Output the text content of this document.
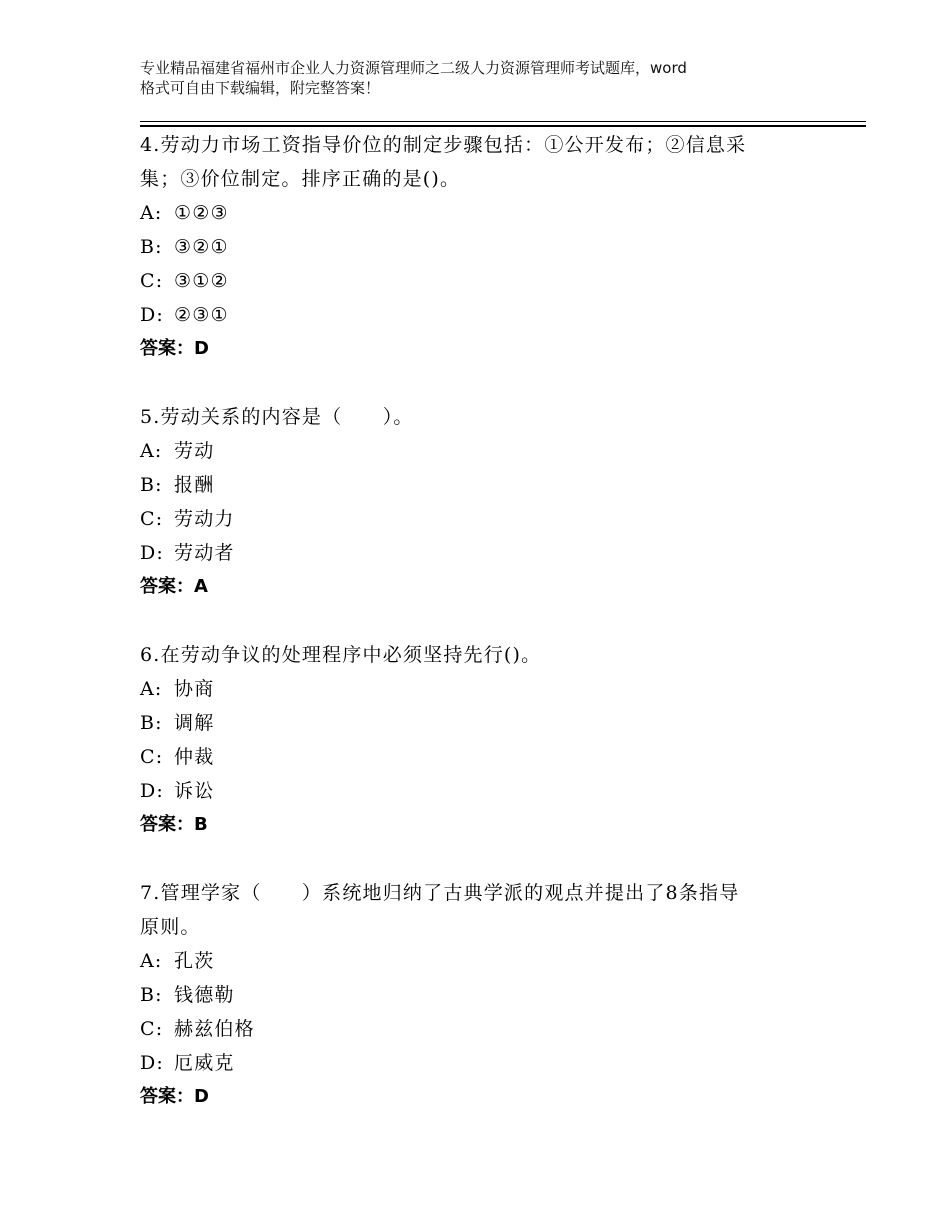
专业精品福建省福州市企业人力资源管理师之二级人力资源管理师考试题库，word
格式可自由下载编辑，附完整答案！

4.劳动力市场工资指导价位的制定步骤包括：①公开发布；②信息采
集；③价位制定。排序正确的是()。

A: ①②③

B: ③②①

C: ③①②

D: ②③①

答案：D

5.劳动关系的内容是（　　）。

A: 劳动

B: 报酬

C: 劳动力

D: 劳动者

答案：A

6.在劳动争议的处理程序中必须坚持先行()。

A: 协商

B: 调解

C: 仲裁

D: 诉讼

答案：B

7.管理学家（　　）系统地归纳了古典学派的观点并提出了8条指导
原则。

A: 孔茨

B: 钱德勒

C: 赫兹伯格

D: 厄威克

答案：D
